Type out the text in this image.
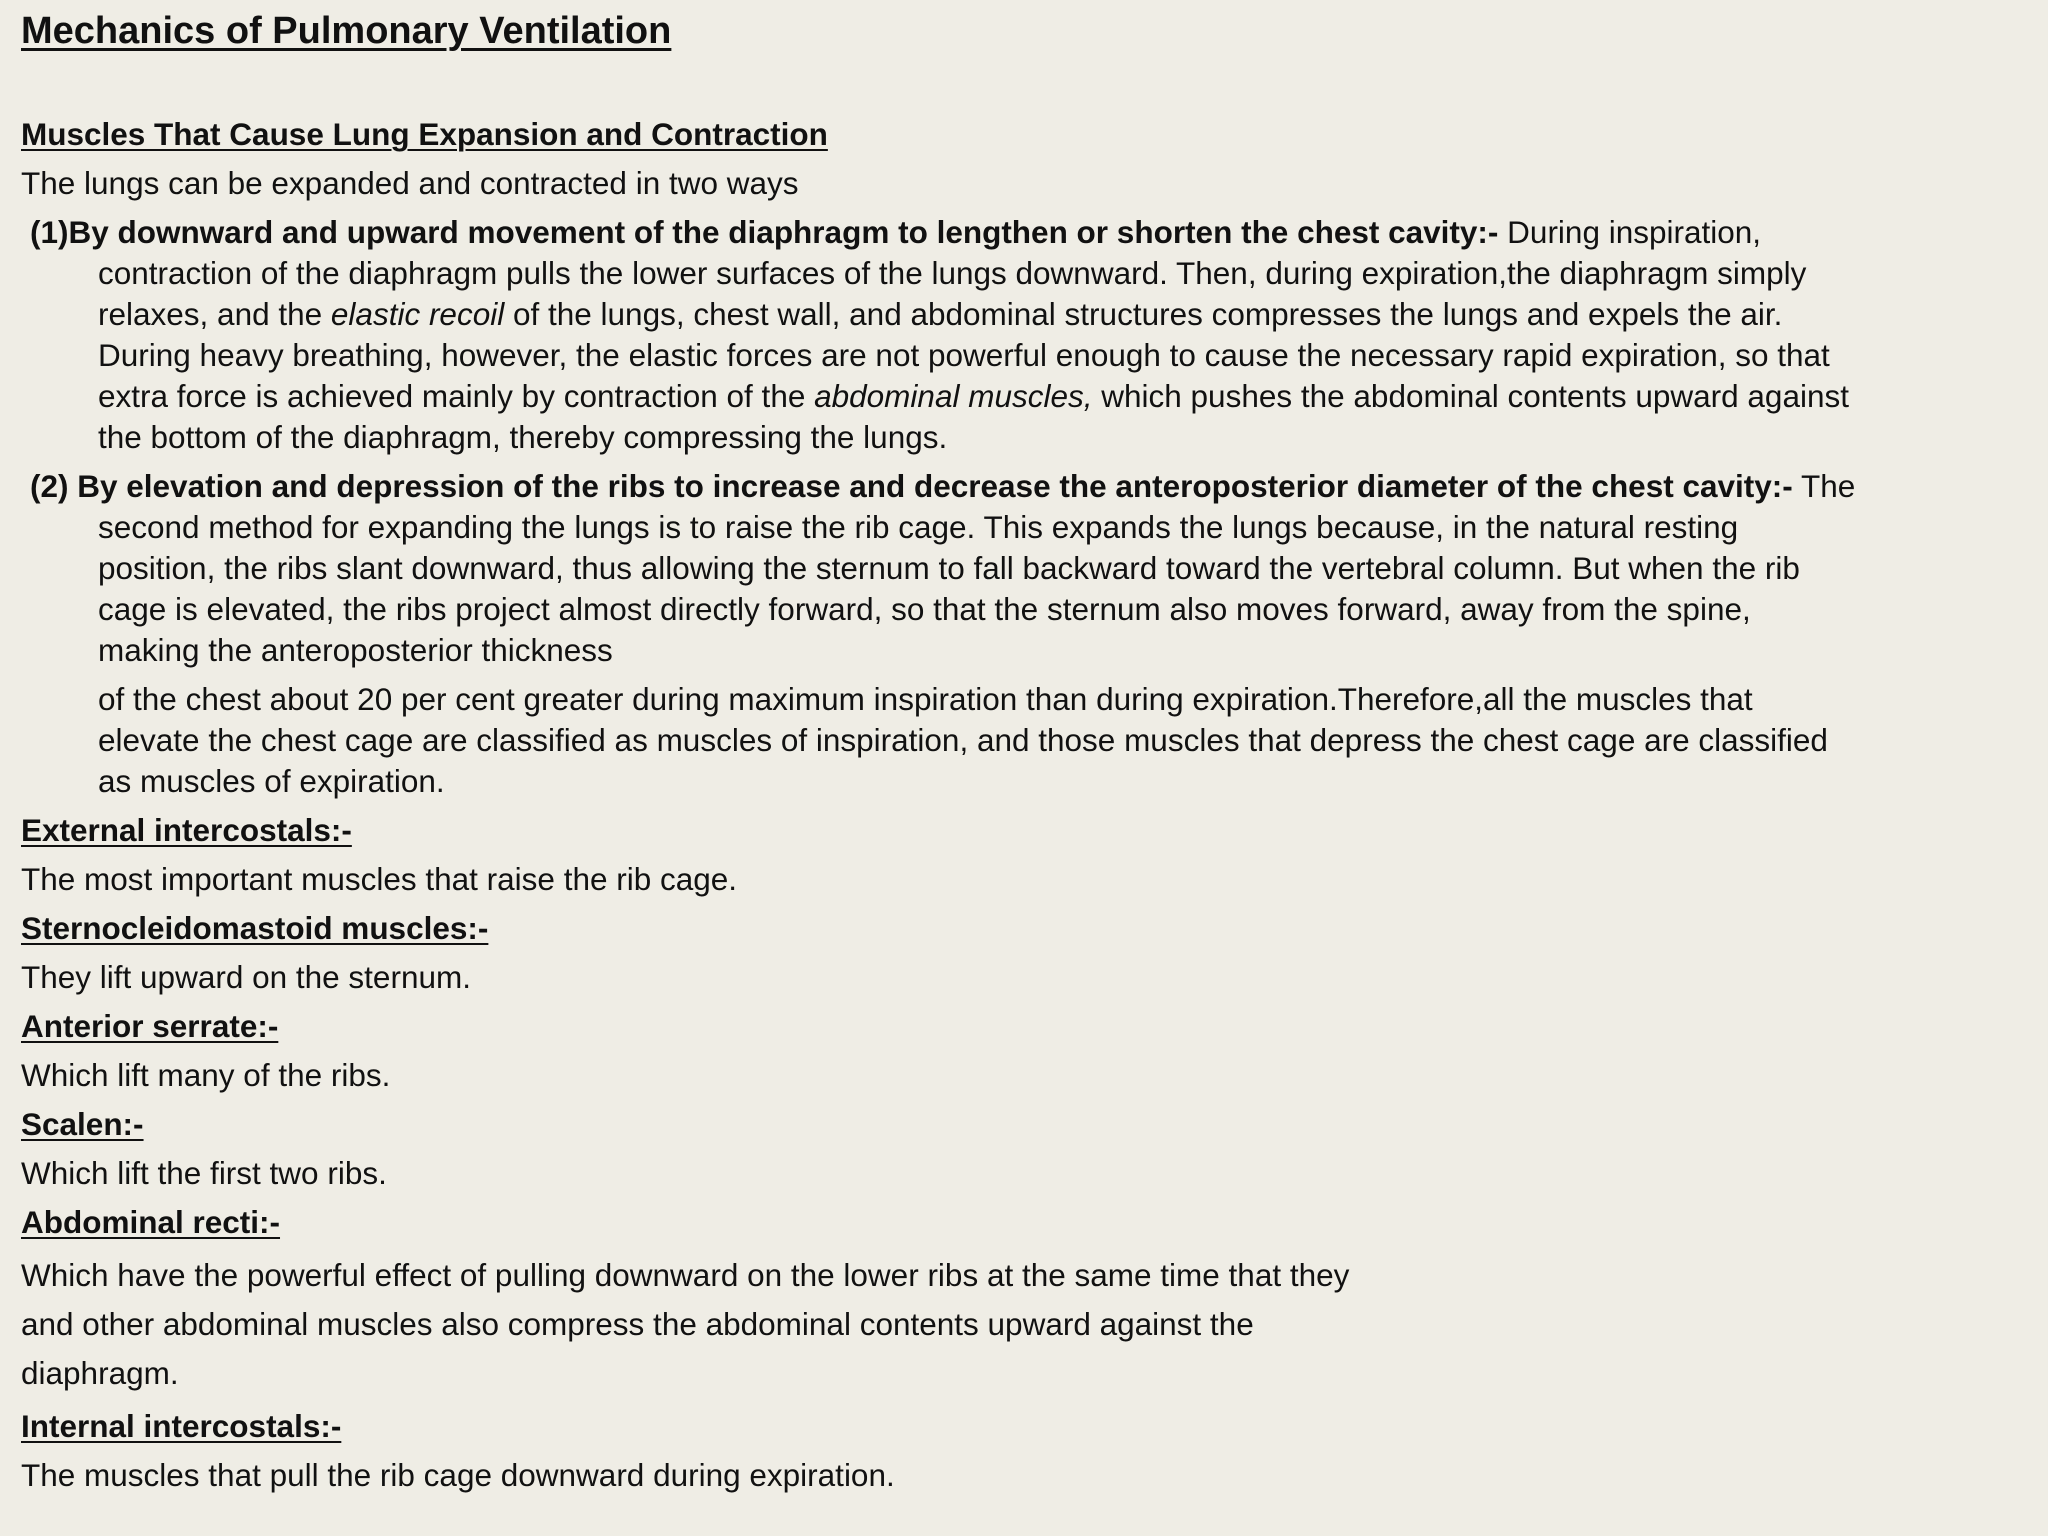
Mechanics of Pulmonary Ventilation
Muscles That Cause Lung Expansion and Contraction
The lungs can be expanded and contracted in two ways
(1)By downward and upward movement of the diaphragm to lengthen or shorten the chest cavity:- During inspiration, contraction of the diaphragm pulls the lower surfaces of the lungs downward. Then, during expiration,the diaphragm simply relaxes, and the elastic recoil of the lungs, chest wall, and abdominal structures compresses the lungs and expels the air. During heavy breathing, however, the elastic forces are not powerful enough to cause the necessary rapid expiration, so that extra force is achieved mainly by contraction of the abdominal muscles, which pushes the abdominal contents upward against the bottom of the diaphragm, thereby compressing the lungs.
(2) By elevation and depression of the ribs to increase and decrease the anteroposterior diameter of the chest cavity:- The second method for expanding the lungs is to raise the rib cage. This expands the lungs because, in the natural resting position, the ribs slant downward, thus allowing the sternum to fall backward toward the vertebral column. But when the rib cage is elevated, the ribs project almost directly forward, so that the sternum also moves forward, away from the spine, making the anteroposterior thickness
of the chest about 20 per cent greater during maximum inspiration than during expiration.Therefore,all the muscles that elevate the chest cage are classified as muscles of inspiration, and those muscles that depress the chest cage are classified as muscles of expiration.
External intercostals:-
The most important muscles that raise the rib cage.
Sternocleidomastoid muscles:-
They lift upward on the sternum.
Anterior serrate:-
Which lift many of the ribs.
Scalen:-
Which lift the first two ribs.
Abdominal recti:-
Which have the powerful effect of pulling downward on the lower ribs at the same time that they and other abdominal muscles also compress the abdominal contents upward against the diaphragm.
Internal intercostals:-
The muscles that pull the rib cage downward during expiration.
